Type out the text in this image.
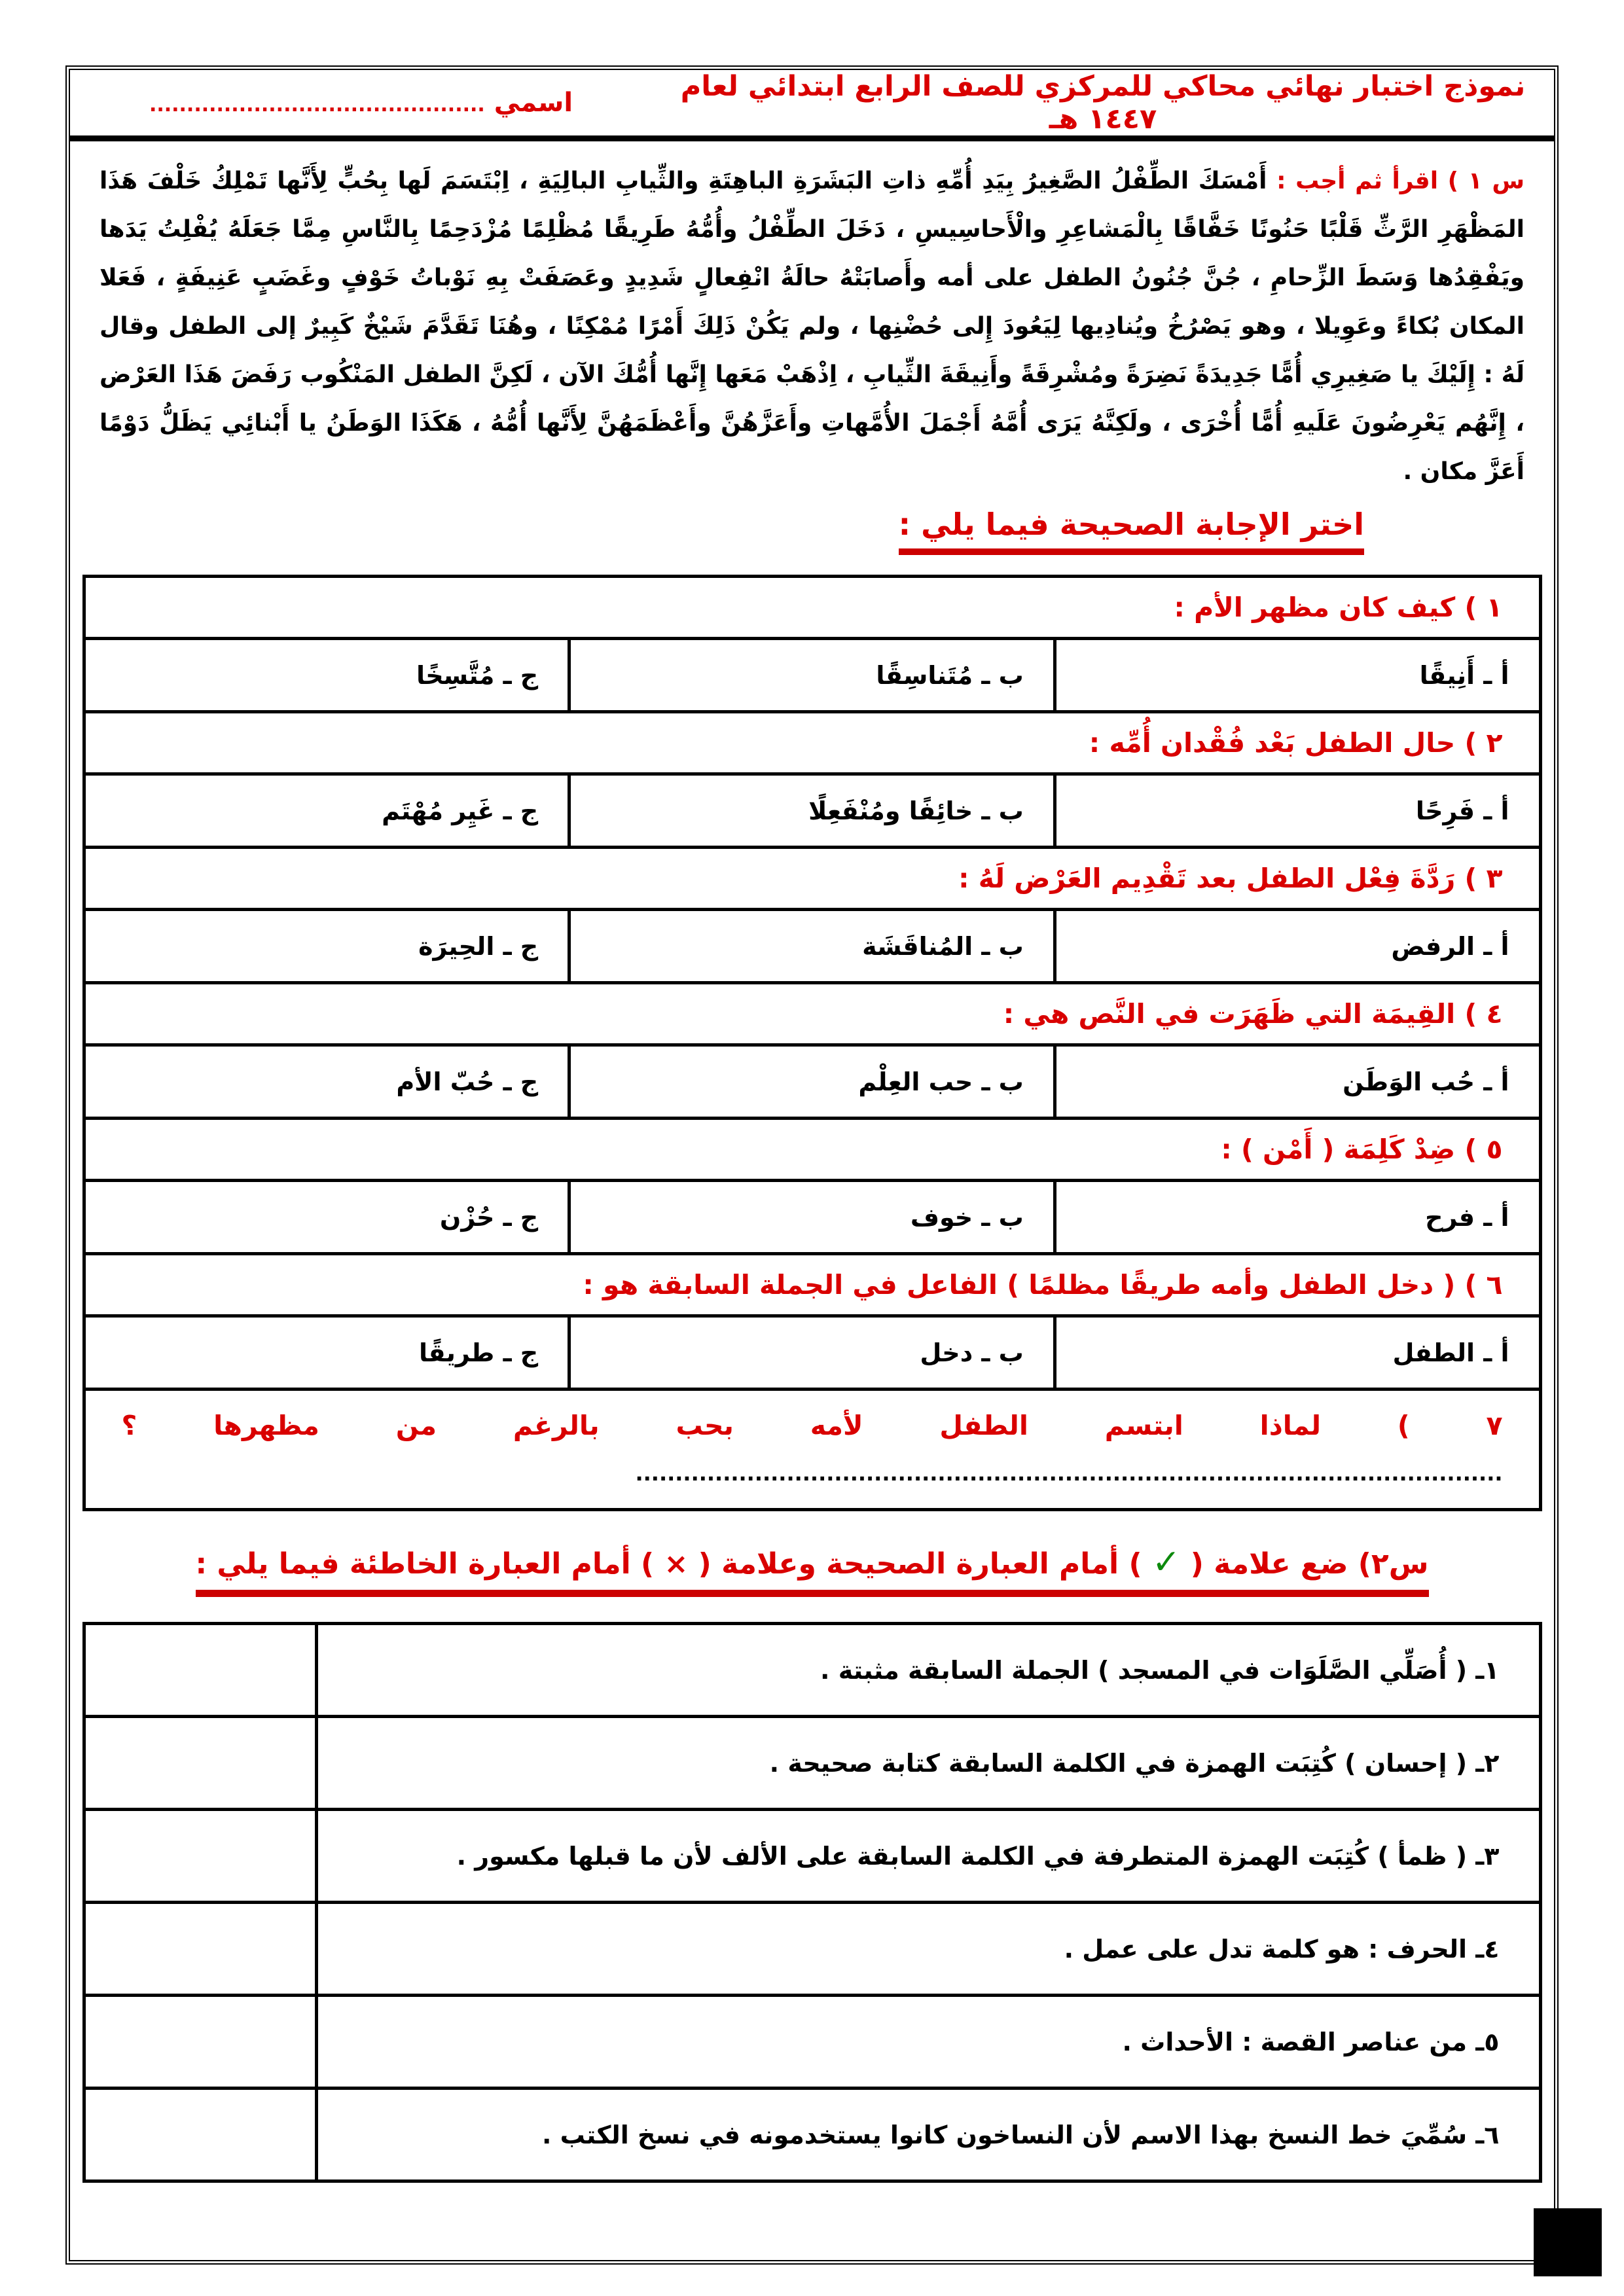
نموذج اختبار نهائي محاكي للمركزي للصف الرابع ابتدائي لعام ١٤٤٧ هـ
اسمي .............................................
س ١ ) اقرأ ثم أجب : أَمْسَكَ الطِّفْلُ الصَّغِيرُ بِيَدِ أُمِّهِ ذاتِ البَشَرَةِ الباهِتَةِ والثِّيابِ البالِيَةِ ، اِبْتَسَمَ لَها بِحُبٍّ لِأَنَّها تَمْلِكُ خَلْفَ هَذَا المَظْهَرِ الرَّثِّ قَلْبًا حَنُونًا خَفَّاقًا بِالْمَشاعِرِ والْأَحاسِيسِ ، دَخَلَ الطِّفْلُ وأُمُّهُ طَرِيقًا مُظْلِمًا مُزْدَحِمًا بِالنَّاسِ مِمَّا جَعَلَهُ يُفْلِتُ يَدَها ويَفْقِدُها وَسَطَ الزِّحامِ ، جُنَّ جُنُونُ الطفل على أمه وأَصابَتْهُ حالَةُ انْفِعالٍ شَدِيدٍ وعَصَفَتْ بِهِ نَوْباتُ خَوْفٍ وغَضَبٍ عَنِيفَةٍ ، فَعَلا المكان بُكاءً وعَوِيلا ، وهو يَصْرُخُ ويُنادِيها لِيَعُودَ إِلى حُضْنِها ، ولم يَكُنْ ذَلِكَ أَمْرًا مُمْكِنًا ، وهُنَا تَقَدَّمَ شَيْخٌ كَبِيرٌ إلى الطفل وقال لَهُ : إِلَيْكَ يا صَغِيرِي أُمًّا جَدِيدَةً نَضِرَةً ومُشْرِقَةً وأَنِيقَةَ الثِّيابِ ، اِذْهَبْ مَعَها إِنَّها أُمُّكَ الآن ، لَكِنَّ الطفل المَنْكُوب رَفَضَ هَذَا العَرْض ، إِنَّهُم يَعْرِضُونَ عَلَيهِ أُمًّا أُخْرَى ، ولَكِنَّهُ يَرَى أُمَّهُ أَجْمَلَ الأُمَّهاتِ وأَعَزَّهُنَّ وأَعْظَمَهُنَّ لِأَنَّها أُمُّهُ ، هَكَذَا الوَطَنُ يا أَبْنائِي يَظَلُّ دَوْمًا أَعَزَّ مكان .
اختر الإجابة الصحيحة فيما يلي :
١ ) كيف كان مظهر الأم :		
أ ـ أَنِيقًا	ب ـ مُتَناسِقًا	ج ـ مُتَّسِخًا
٢ ) حال الطفل بَعْد فُقْدان أُمِّه :		
أ ـ فَرِحًا	ب ـ خائِفًا ومُنْفَعِلًا	ج ـ غَيِر مُهْتَم
٣ ) رَدَّةَ فِعْل الطفل بعد تَقْدِيم العَرْض لَهُ :		
أ ـ الرفض	ب ـ المُناقَشَة	ج ـ الحِيرَة
٤ ) القِيمَة التي ظَهَرَت في النَّص هي :		
أ ـ حُب الوَطَن	ب ـ حب العِلْم	ج ـ حُبّ الأم
٥ ) ضِدْ كَلِمَة ( أَمْن ) :		
أ ـ فرح	ب ـ خوف	ج ـ حُزْن
٦ ) ( دخل الطفل وأمه طريقًا مظلمًا ) الفاعل في الجملة السابقة هو :		
أ ـ الطفل	ب ـ دخل	ج ـ طريقًا
٧ ) لماذا ابتسم الطفل لأمه بحب بالرغم من مظهرها ؟ .............................................................................................................		
س٢) ضع علامة ( ✓ ) أمام العبارة الصحيحة وعلامة ( × ) أمام العبارة الخاطئة فيما يلي :
١ـ ( أُصَلِّي الصَّلَوَات في المسجد ) الجملة السابقة مثبتة .	
٢ـ ( إحسان ) كُتِبَت الهمزة في الكلمة السابقة كتابة صحيحة .	
٣ـ ( ظمأ ) كُتِبَت الهمزة المتطرفة في الكلمة السابقة على الألف لأن ما قبلها مكسور .	
٤ـ الحرف : هو كلمة تدل على عمل .	
٥ـ من عناصر القصة : الأحداث .	
٦ـ سُمِّيَ خط النسخ بهذا الاسم لأن النساخون كانوا يستخدمونه في نسخ الكتب .	
